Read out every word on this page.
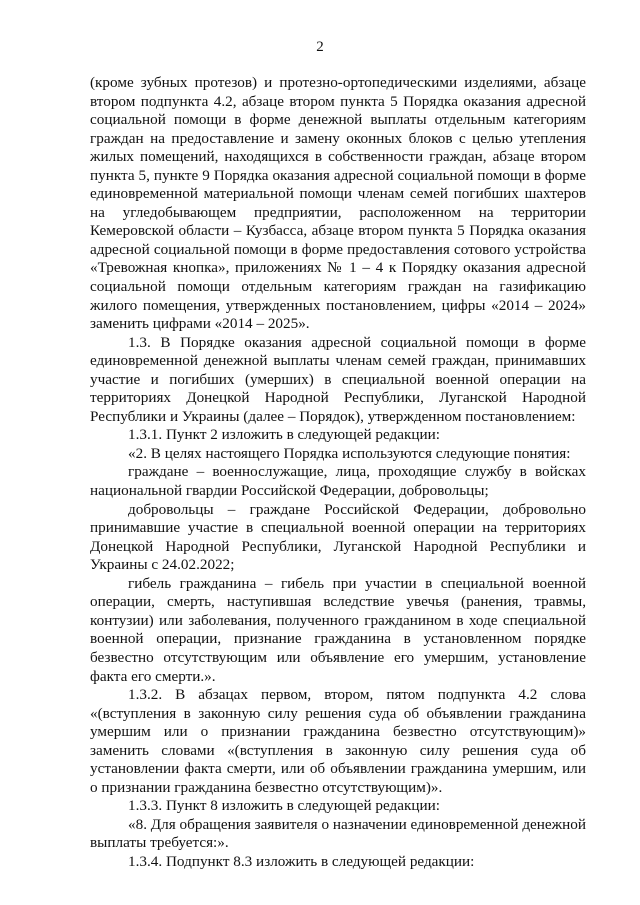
2

(кроме зубных протезов) и протезно-ортопедическими изделиями, абзаце втором подпункта 4.2, абзаце втором пункта 5 Порядка оказания адресной социальной помощи в форме денежной выплаты отдельным категориям граждан на предоставление и замену оконных блоков с целью утепления жилых помещений, находящихся в собственности граждан, абзаце втором пункта 5, пункте 9 Порядка оказания адресной социальной помощи в форме единовременной материальной помощи членам семей погибших шахтеров на угледобывающем предприятии, расположенном на территории Кемеровской области – Кузбасса, абзаце втором пункта 5 Порядка оказания адресной социальной помощи в форме предоставления сотового устройства «Тревожная кнопка», приложениях № 1 – 4 к Порядку оказания адресной социальной помощи отдельным категориям граждан на газификацию жилого помещения, утвержденных постановлением, цифры «2014 – 2024» заменить цифрами «2014 – 2025».

1.3. В Порядке оказания адресной социальной помощи в форме единовременной денежной выплаты членам семей граждан, принимавших участие и погибших (умерших) в специальной военной операции на территориях Донецкой Народной Республики, Луганской Народной Республики и Украины (далее – Порядок), утвержденном постановлением:

1.3.1. Пункт 2 изложить в следующей редакции:

«2. В целях настоящего Порядка используются следующие понятия:

граждане – военнослужащие, лица, проходящие службу в войсках национальной гвардии Российской Федерации, добровольцы;

добровольцы – граждане Российской Федерации, добровольно принимавшие участие в специальной военной операции на территориях Донецкой Народной Республики, Луганской Народной Республики и Украины с 24.02.2022;

гибель гражданина – гибель при участии в специальной военной операции, смерть, наступившая вследствие увечья (ранения, травмы, контузии) или заболевания, полученного гражданином в ходе специальной военной операции, признание гражданина в установленном порядке безвестно отсутствующим или объявление его умершим, установление факта его смерти.».

1.3.2. В абзацах первом, втором, пятом подпункта 4.2 слова «(вступления в законную силу решения суда об объявлении гражданина умершим или о признании гражданина безвестно отсутствующим)» заменить словами «(вступления в законную силу решения суда об установлении факта смерти, или об объявлении гражданина умершим, или о признании гражданина безвестно отсутствующим)».

1.3.3. Пункт 8 изложить в следующей редакции:

«8. Для обращения заявителя о назначении единовременной денежной выплаты требуется:».

1.3.4. Подпункт 8.3 изложить в следующей редакции:
